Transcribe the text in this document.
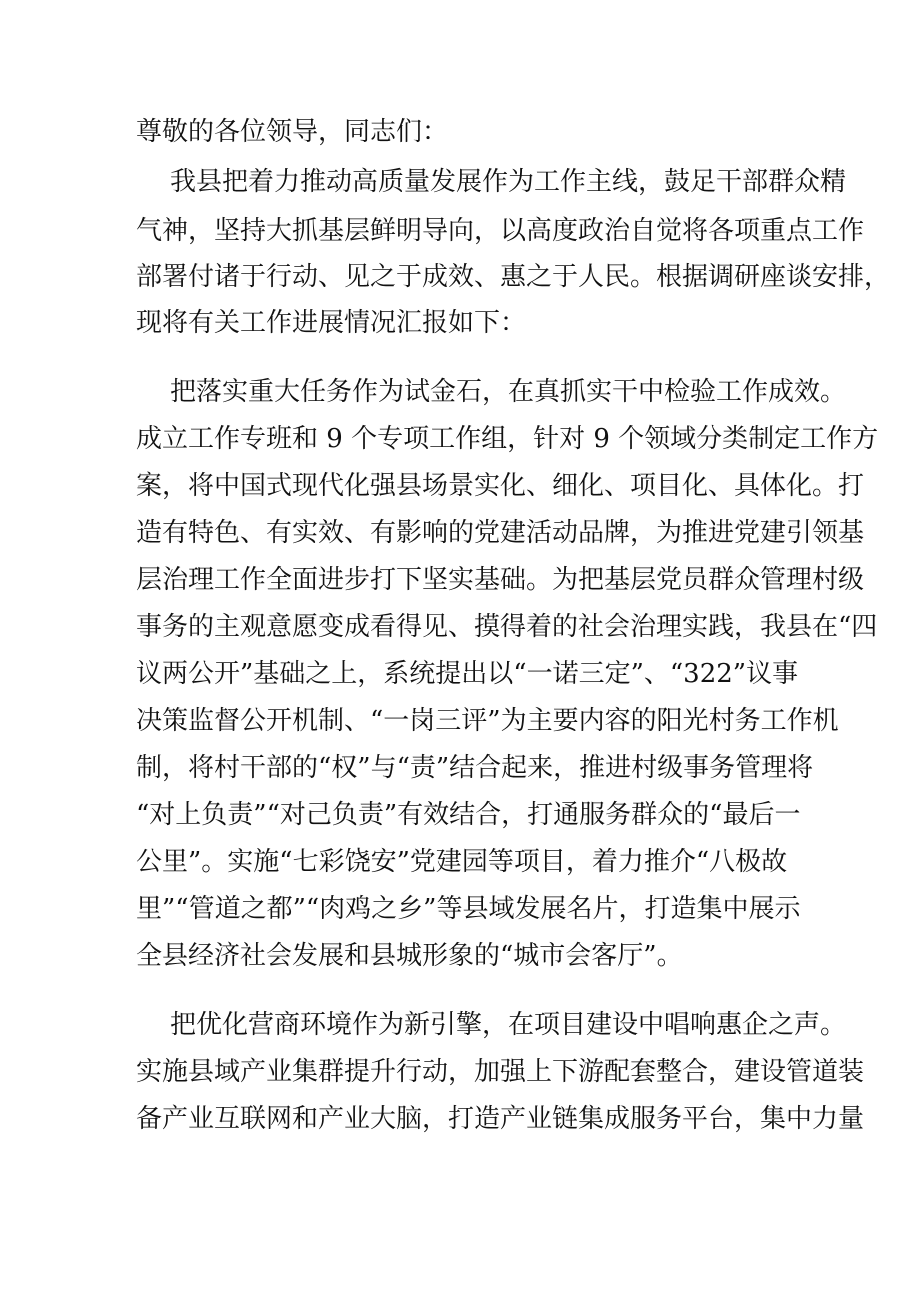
尊敬的各位领导，同志们：

我县把着力推动高质量发展作为工作主线，鼓足干部群众精

气神，坚持大抓基层鲜明导向，以高度政治自觉将各项重点工作

部署付诸于行动、见之于成效、惠之于人民。根据调研座谈安排，

现将有关工作进展情况汇报如下：

把落实重大任务作为试金石，在真抓实干中检验工作成效。

成立工作专班和 9 个专项工作组，针对 9 个领域分类制定工作方

案，将中国式现代化强县场景实化、细化、项目化、具体化。打

造有特色、有实效、有影响的党建活动品牌，为推进党建引领基

层治理工作全面进步打下坚实基础。为把基层党员群众管理村级

事务的主观意愿变成看得见、摸得着的社会治理实践，我县在“四

议两公开”基础之上，系统提出以“一诺三定”、“322”议事

决策监督公开机制、“一岗三评”为主要内容的阳光村务工作机

制，将村干部的“权”与“责”结合起来，推进村级事务管理将

“对上负责”“对己负责”有效结合，打通服务群众的“最后一

公里”。实施“七彩饶安”党建园等项目，着力推介“八极故

里”“管道之都”“肉鸡之乡”等县域发展名片，打造集中展示

全县经济社会发展和县城形象的“城市会客厅”。

把优化营商环境作为新引擎，在项目建设中唱响惠企之声。

实施县域产业集群提升行动，加强上下游配套整合，建设管道装

备产业互联网和产业大脑，打造产业链集成服务平台，集中力量
